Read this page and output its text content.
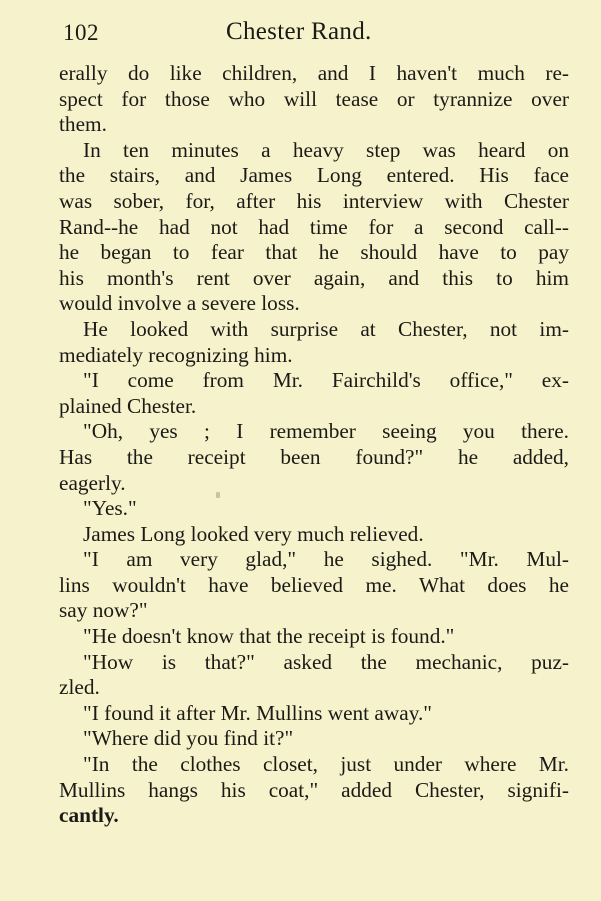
102	Chester Rand.
erally do like children, and I haven't much re-
spect for those who will tease or tyrannize over
them.
In ten minutes a heavy step was heard on
the stairs, and James Long entered. His face
was sober, for, after his interview with Chester
Rand--he had not had time for a second call--
he began to fear that he should have to pay
his month's rent over again, and this to him
would involve a severe loss.
He looked with surprise at Chester, not im-
mediately recognizing him.
"I come from Mr. Fairchild's office," ex-
plained Chester.
"Oh, yes ; I remember seeing you there.
Has the receipt been found?" he added,
eagerly.
"Yes."
James Long looked very much relieved.
"I am very glad," he sighed. "Mr. Mul-
lins wouldn't have believed me. What does he
say now?"
"He doesn't know that the receipt is found."
"How is that?" asked the mechanic, puz-
zled.
"I found it after Mr. Mullins went away."
"Where did you find it?"
"In the clothes closet, just under where Mr.
Mullins hangs his coat," added Chester, signifi-
cantly.
